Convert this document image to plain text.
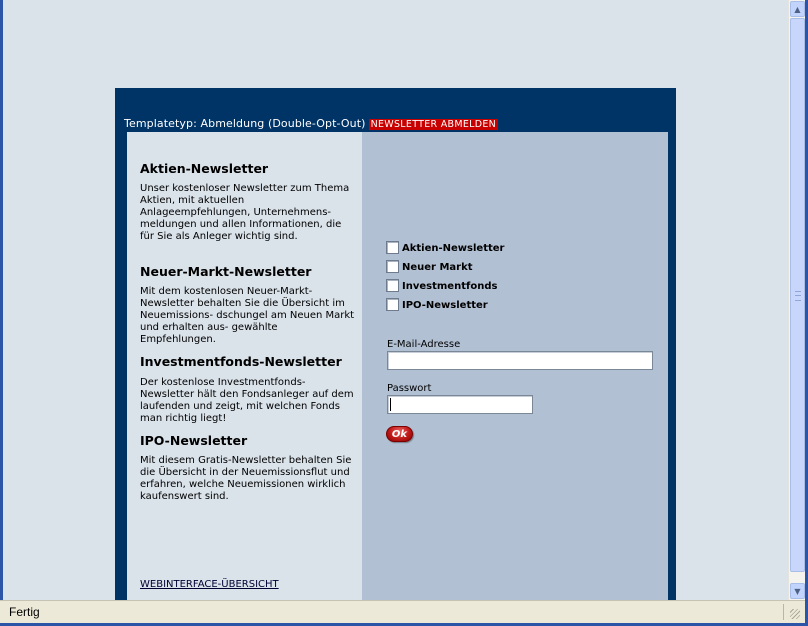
Templatetyp: Abmeldung (Double-Opt-Out) NEWSLETTER ABMELDEN
Aktien-Newsletter
Unser kostenloser Newsletter zum Thema Aktien, mit aktuellen Anlageempfehlungen, Unternehmens- meldungen und allen Informationen, die für Sie als Anleger wichtig sind.
Neuer-Markt-Newsletter
Mit dem kostenlosen Neuer-Markt-Newsletter behalten Sie die Übersicht im Neuemissions- dschungel am Neuen Markt und erhalten aus- gewählte Empfehlungen.
Investmentfonds-Newsletter
Der kostenlose Investmentfonds-Newsletter hält den Fondsanleger auf dem laufenden und zeigt, mit welchen Fonds man richtig liegt!
IPO-Newsletter
Mit diesem Gratis-Newsletter behalten Sie die Übersicht in der Neuemissionsflut und erfahren, welche Neuemissionen wirklich kaufenswert sind.
WEBINTERFACE-ÜBERSICHT
Aktien-Newsletter
Neuer Markt
Investmentfonds
IPO-Newsletter
E-Mail-Adresse
Passwort
Ok
▲
▼
Fertig
